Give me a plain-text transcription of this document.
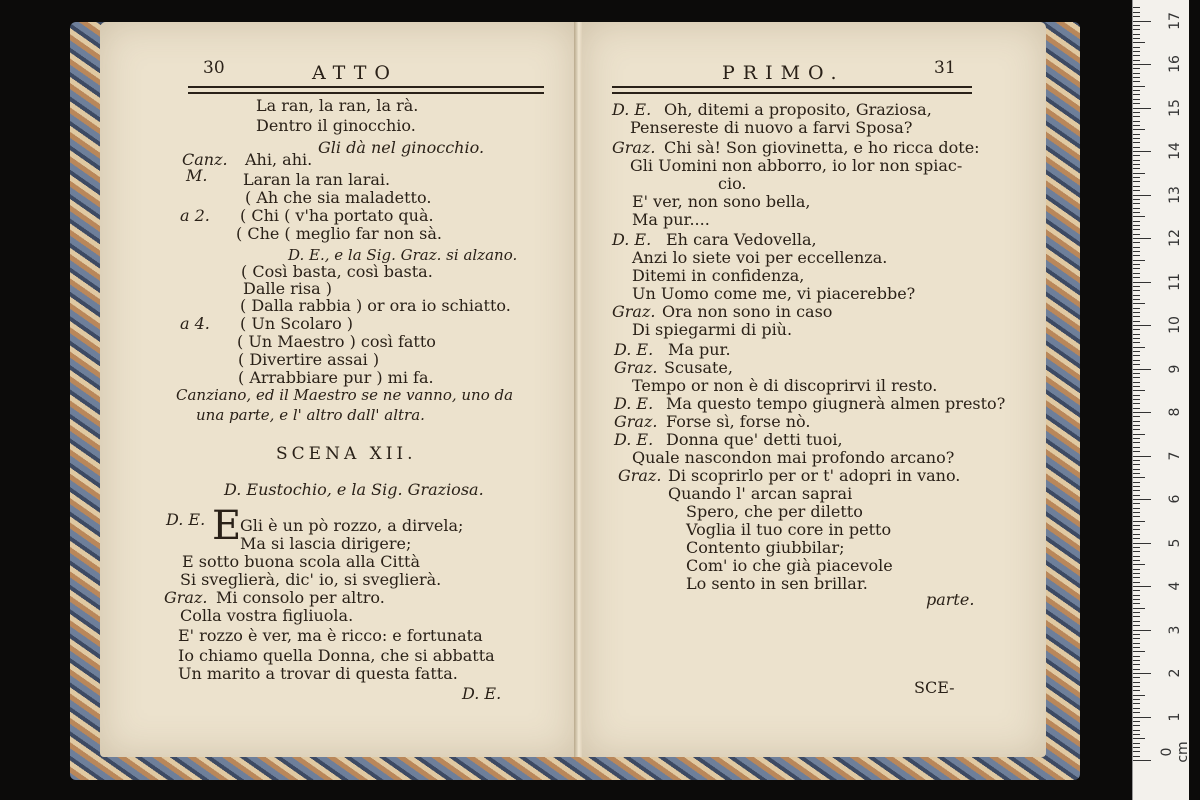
30	ATTO
La ran, la ran, la rà.
Dentro il ginocchio.
Gli dà nel ginocchio.
Canz. Ahi, ahi.
M. Laran la ran larai.
( Ah che sia maladetto.
a 2. ( Chi ( v'ha portato quà.
( Che ( meglio far non sà.
D. E., e la Sig. Graz. si alzano.
( Così basta, così basta.
Dalle risa )
( Dalla rabbia ) or ora io schiatto.
a 4. ( Un Scolaro )
( Un Maestro ) così fatto
( Divertire assai )
( Arrabbiare pur ) mi fa.
Canziano, ed il Maestro se ne vanno, uno da
una parte, e l' altro dall' altra.
SCENA XII.
D. Eustochio, e la Sig. Graziosa.
D. E. E
Gli è un pò rozzo, a dirvela;
Ma si lascia dirigere;
E sotto buona scola alla Città
Si sveglierà, dic' io, si sveglierà.
Graz. Mi consolo per altro.
Colla vostra figliuola.
E' rozzo è ver, ma è ricco: e fortunata
Io chiamo quella Donna, che si abbatta
Un marito a trovar di questa fatta.
D. E.
PRIMO.	31
D. E. Oh, ditemi a proposito, Graziosa,
Pensereste di nuovo a farvi Sposa?
Graz. Chi sà! Son giovinetta, e ho ricca dote:
Gli Uomini non abborro, io lor non spiac-
cio.
E' ver, non sono bella,
Ma pur....
D. E. Eh cara Vedovella,
Anzi lo siete voi per eccellenza.
Ditemi in confidenza,
Un Uomo come me, vi piacerebbe?
Graz. Ora non sono in caso
Di spiegarmi di più.
D. E. Ma pur.
Graz. Scusate,
Tempo or non è di discoprirvi il resto.
D. E. Ma questo tempo giugnerà almen presto?
Graz. Forse sì, forse nò.
D. E. Donna que' detti tuoi,
Quale nascondon mai profondo arcano?
Graz. Di scoprirlo per or t' adopri in vano.
Quando l' arcan saprai
Spero, che per diletto
Voglia il tuo core in petto
Contento giubbilar;
Com' io che già piacevole
Lo sento in sen brillar.
parte.
SCE-
0 cm
1
2
3
4
5
6
7
8
9
10
11
12
13
14
15
16
17
